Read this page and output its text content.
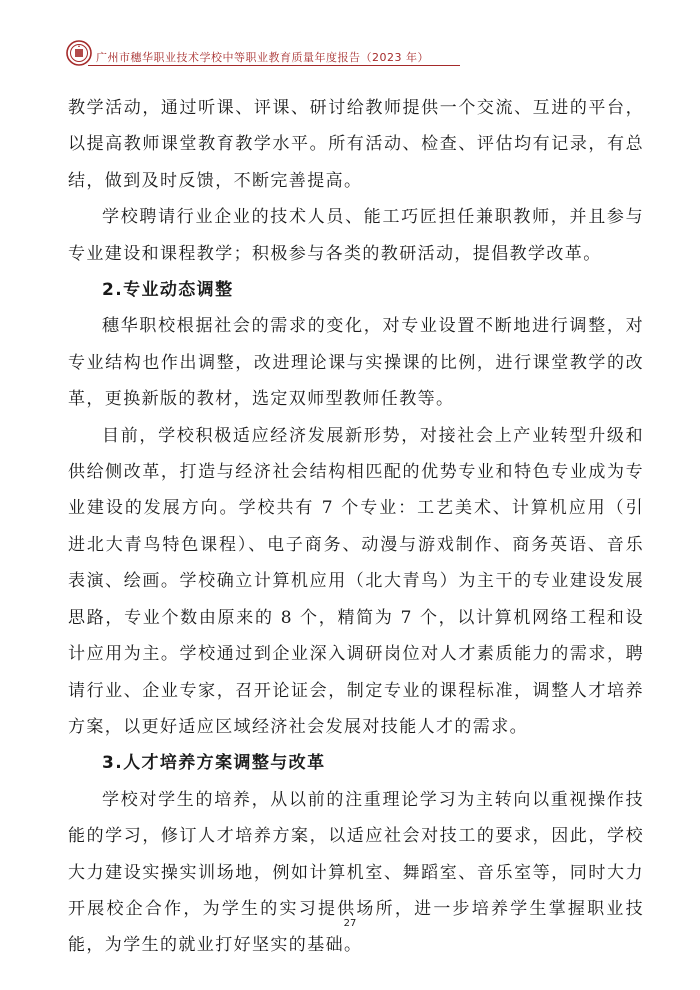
广州市穗华职业技术学校中等职业教育质量年度报告（2023 年）

教学活动，通过听课、评课、研讨给教师提供一个交流、互进的平台，以提高教师课堂教育教学水平。所有活动、检查、评估均有记录，有总结，做到及时反馈，不断完善提高。

学校聘请行业企业的技术人员、能工巧匠担任兼职教师，并且参与专业建设和课程教学；积极参与各类的教研活动，提倡教学改革。

2.专业动态调整

穗华职校根据社会的需求的变化，对专业设置不断地进行调整，对专业结构也作出调整，改进理论课与实操课的比例，进行课堂教学的改革，更换新版的教材，选定双师型教师任教等。

目前，学校积极适应经济发展新形势，对接社会上产业转型升级和供给侧改革，打造与经济社会结构相匹配的优势专业和特色专业成为专业建设的发展方向。学校共有 7 个专业：工艺美术、计算机应用（引进北大青鸟特色课程）、电子商务、动漫与游戏制作、商务英语、音乐表演、绘画。学校确立计算机应用（北大青鸟）为主干的专业建设发展思路，专业个数由原来的 8 个，精简为 7 个，以计算机网络工程和设计应用为主。学校通过到企业深入调研岗位对人才素质能力的需求，聘请行业、企业专家，召开论证会，制定专业的课程标准，调整人才培养方案，以更好适应区域经济社会发展对技能人才的需求。

3.人才培养方案调整与改革

学校对学生的培养，从以前的注重理论学习为主转向以重视操作技能的学习，修订人才培养方案，以适应社会对技工的要求，因此，学校大力建设实操实训场地，例如计算机室、舞蹈室、音乐室等，同时大力开展校企合作，为学生的实习提供场所，进一步培养学生掌握职业技能，为学生的就业打好坚实的基础。

27
